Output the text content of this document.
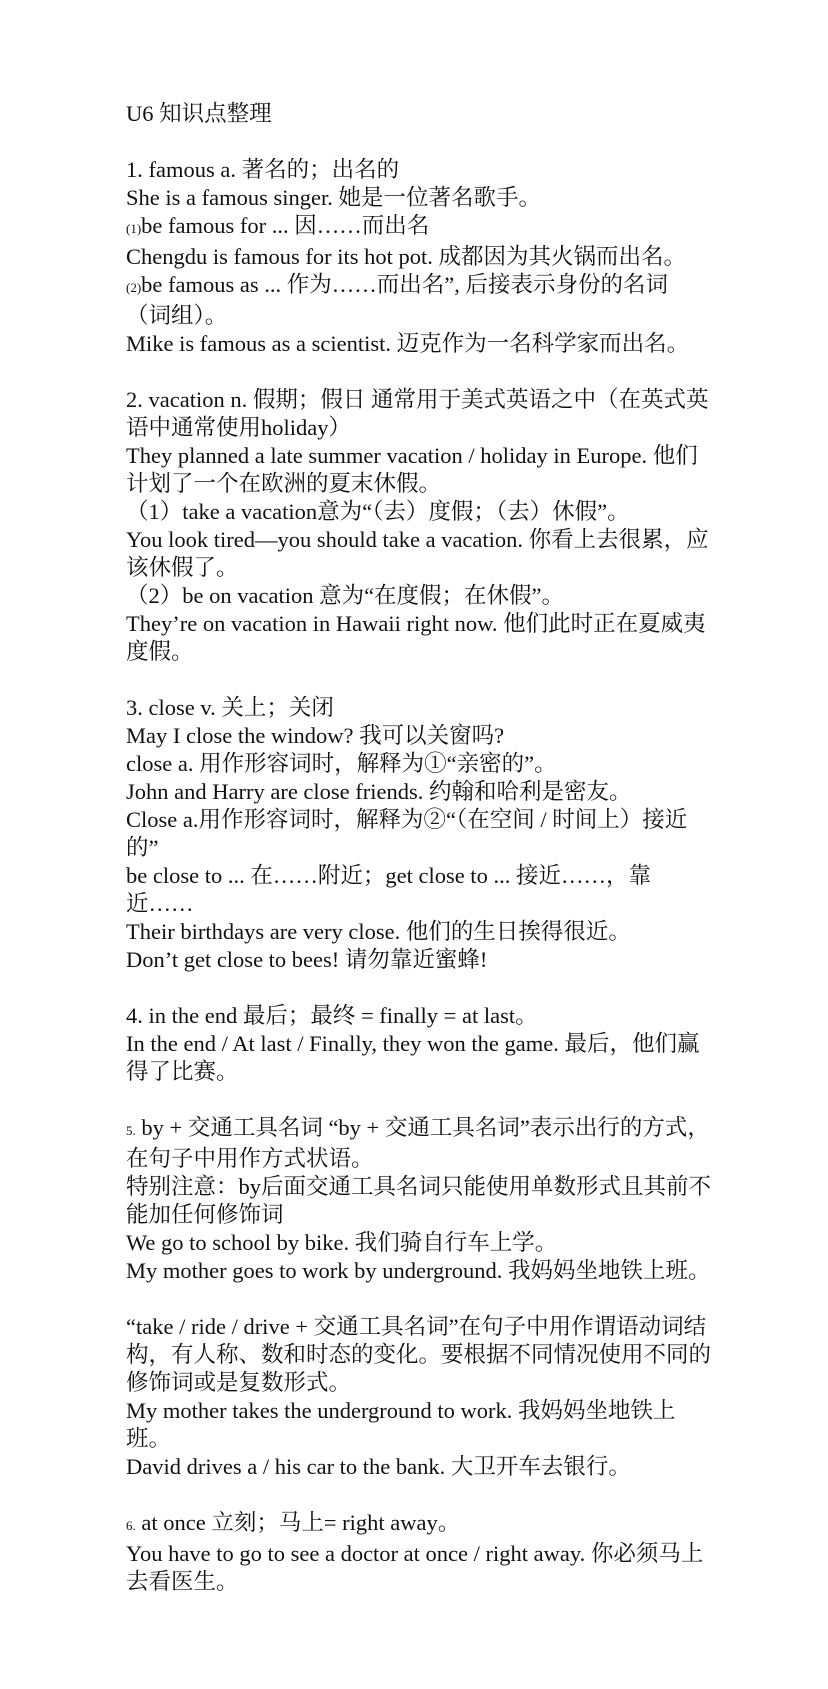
U6 知识点整理

1. famous a. 著名的；出名的

She is a famous singer. 她是一位著名歌手。

(1)be famous for ... 因……而出名

Chengdu is famous for its hot pot. 成都因为其火锅而出名。

(2)be famous as ... 作为……而出名”, 后接表示身份的名词（词组）。

Mike is famous as a scientist. 迈克作为一名科学家而出名。

2. vacation n. 假期；假日 通常用于美式英语之中（在英式英语中通常使用holiday）

They planned a late summer vacation / holiday in Europe. 他们计划了一个在欧洲的夏末休假。

（1）take a vacation意为“（去）度假；（去）休假”。

You look tired—you should take a vacation. 你看上去很累，应该休假了。

（2）be on vacation 意为“在度假；在休假”。

They’re on vacation in Hawaii right now. 他们此时正在夏威夷度假。

3. close v. 关上；关闭

May I close the window? 我可以关窗吗?

close a. 用作形容词时，解释为①“亲密的”。

John and Harry are close friends. 约翰和哈利是密友。

Close a.用作形容词时，解释为②“（在空间 / 时间上）接近的”

be close to ... 在……附近；get close to ... 接近……，靠近……

Their birthdays are very close. 他们的生日挨得很近。

Don’t get close to bees! 请勿靠近蜜蜂!

4. in the end 最后；最终 = finally = at last。

In the end / At last / Finally, they won the game. 最后，他们赢得了比赛。

5. by + 交通工具名词 “by + 交通工具名词”表示出行的方式，在句子中用作方式状语。

特别注意：by后面交通工具名词只能使用单数形式且其前不能加任何修饰词

We go to school by bike. 我们骑自行车上学。

My mother goes to work by underground. 我妈妈坐地铁上班。

“take / ride / drive + 交通工具名词”在句子中用作谓语动词结构，有人称、数和时态的变化。要根据不同情况使用不同的修饰词或是复数形式。

My mother takes the underground to work. 我妈妈坐地铁上班。

David drives a / his car to the bank. 大卫开车去银行。

6. at once 立刻；马上= right away。

You have to go to see a doctor at once / right away. 你必须马上去看医生。
